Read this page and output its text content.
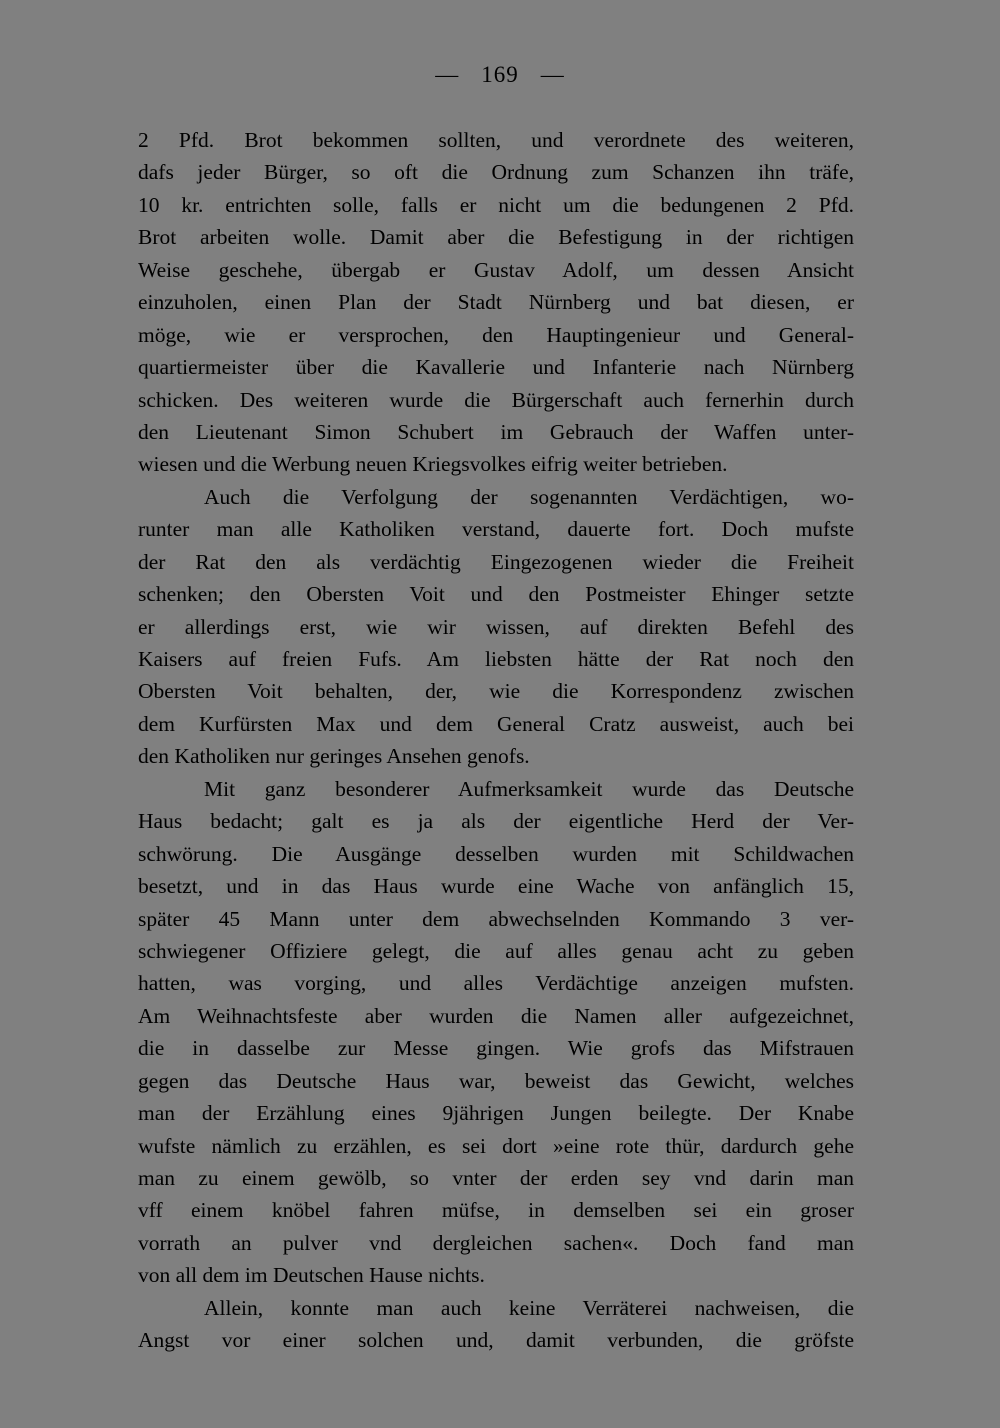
— 169 —
2 Pfd. Brot bekommen sollten, und verordnete des weiteren,
dafs jeder Bürger, so oft die Ordnung zum Schanzen ihn träfe,
10 kr. entrichten solle, falls er nicht um die bedungenen 2 Pfd.
Brot arbeiten wolle. Damit aber die Befestigung in der richtigen
Weise geschehe, übergab er Gustav Adolf, um dessen Ansicht
einzuholen, einen Plan der Stadt Nürnberg und bat diesen, er
möge, wie er versprochen, den Hauptingenieur und General-
quartiermeister über die Kavallerie und Infanterie nach Nürnberg
schicken. Des weiteren wurde die Bürgerschaft auch fernerhin durch
den Lieutenant Simon Schubert im Gebrauch der Waffen unter-
wiesen und die Werbung neuen Kriegsvolkes eifrig weiter betrieben.
Auch die Verfolgung der sogenannten Verdächtigen, wo-
runter man alle Katholiken verstand, dauerte fort. Doch mufste
der Rat den als verdächtig Eingezogenen wieder die Freiheit
schenken; den Obersten Voit und den Postmeister Ehinger setzte
er allerdings erst, wie wir wissen, auf direkten Befehl des
Kaisers auf freien Fufs. Am liebsten hätte der Rat noch den
Obersten Voit behalten, der, wie die Korrespondenz zwischen
dem Kurfürsten Max und dem General Cratz ausweist, auch bei
den Katholiken nur geringes Ansehen genofs.
Mit ganz besonderer Aufmerksamkeit wurde das Deutsche
Haus bedacht; galt es ja als der eigentliche Herd der Ver-
schwörung. Die Ausgänge desselben wurden mit Schildwachen
besetzt, und in das Haus wurde eine Wache von anfänglich 15,
später 45 Mann unter dem abwechselnden Kommando 3 ver-
schwiegener Offiziere gelegt, die auf alles genau acht zu geben
hatten, was vorging, und alles Verdächtige anzeigen mufsten.
Am Weihnachtsfeste aber wurden die Namen aller aufgezeichnet,
die in dasselbe zur Messe gingen. Wie grofs das Mifstrauen
gegen das Deutsche Haus war, beweist das Gewicht, welches
man der Erzählung eines 9jährigen Jungen beilegte. Der Knabe
wufste nämlich zu erzählen, es sei dort »eine rote thür, dardurch gehe
man zu einem gewölb, so vnter der erden sey vnd darin man
vff einem knöbel fahren müfse, in demselben sei ein groser
vorrath an pulver vnd dergleichen sachen«. Doch fand man
von all dem im Deutschen Hause nichts.
Allein, konnte man auch keine Verräterei nachweisen, die
Angst vor einer solchen und, damit verbunden, die gröfste
